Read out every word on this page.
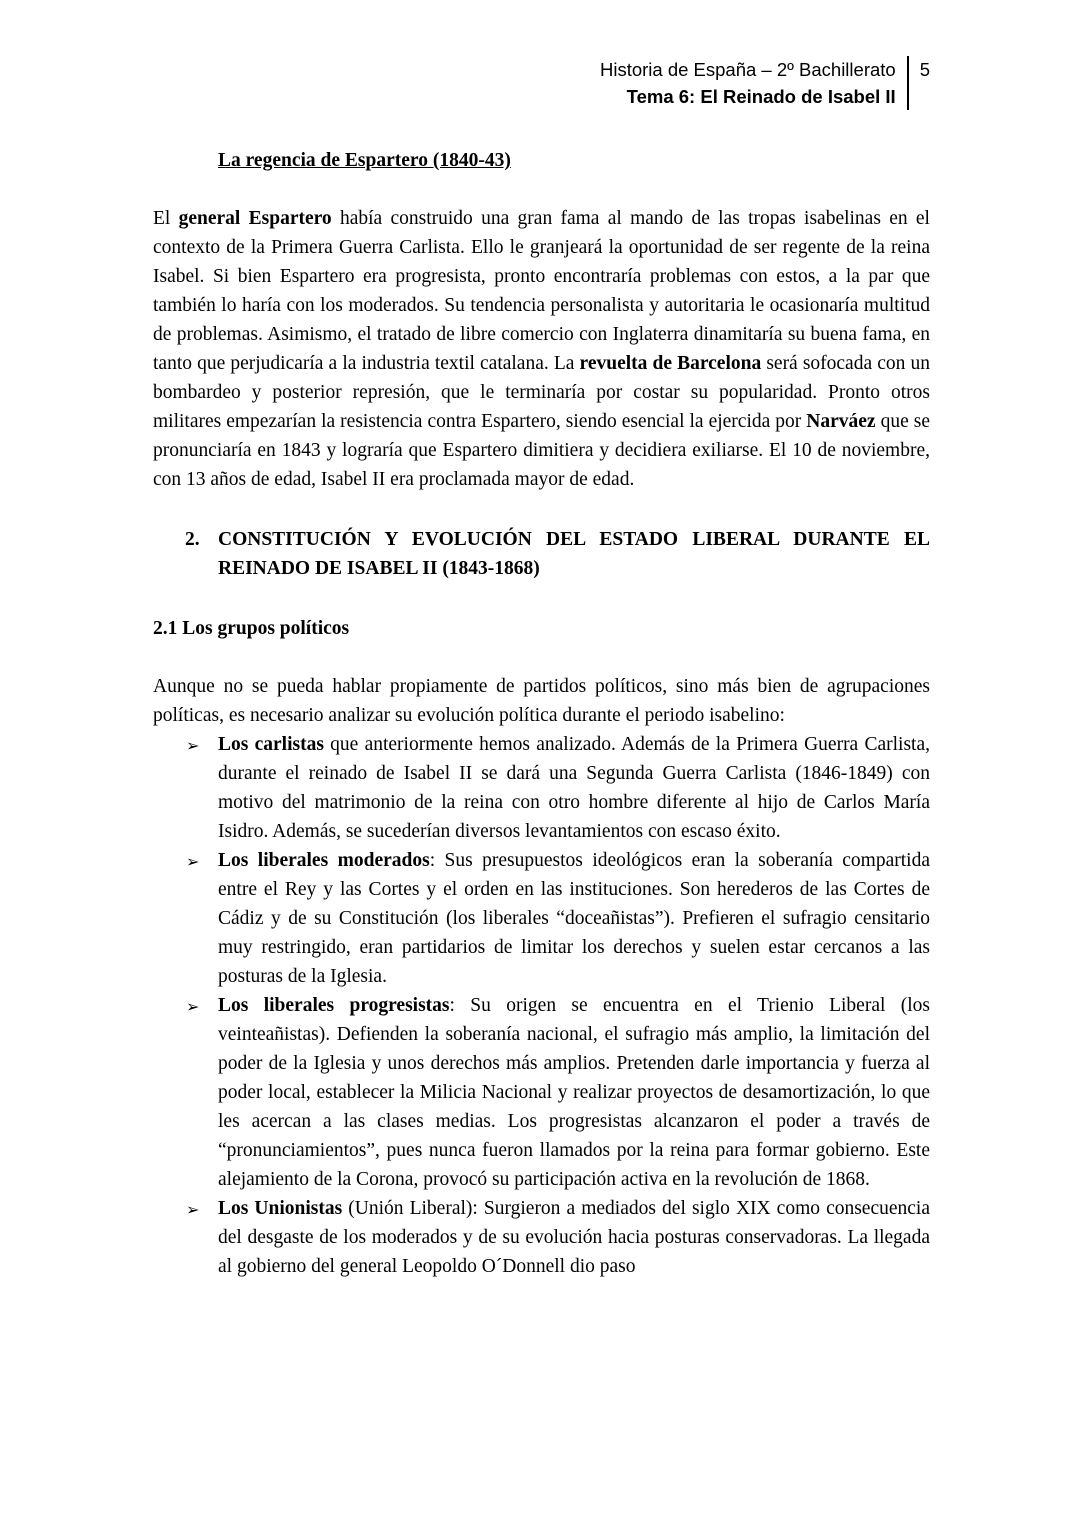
Historia de España – 2º Bachillerato
Tema 6: El Reinado de Isabel II
5
La regencia de Espartero (1840-43)

El general Espartero había construido una gran fama al mando de las tropas isabelinas en el contexto de la Primera Guerra Carlista. Ello le granjeará la oportunidad de ser regente de la reina Isabel. Si bien Espartero era progresista, pronto encontraría problemas con estos, a la par que también lo haría con los moderados. Su tendencia personalista y autoritaria le ocasionaría multitud de problemas. Asimismo, el tratado de libre comercio con Inglaterra dinamitaría su buena fama, en tanto que perjudicaría a la industria textil catalana. La revuelta de Barcelona será sofocada con un bombardeo y posterior represión, que le terminaría por costar su popularidad. Pronto otros militares empezarían la resistencia contra Espartero, siendo esencial la ejercida por Narváez que se pronunciaría en 1843 y lograría que Espartero dimitiera y decidiera exiliarse. El 10 de noviembre, con 13 años de edad, Isabel II era proclamada mayor de edad.

2. CONSTITUCIÓN Y EVOLUCIÓN DEL ESTADO LIBERAL DURANTE EL REINADO DE ISABEL II (1843-1868)
2.1 Los grupos políticos

Aunque no se pueda hablar propiamente de partidos políticos, sino más bien de agrupaciones políticas, es necesario analizar su evolución política durante el periodo isabelino:

➢ Los carlistas que anteriormente hemos analizado. Además de la Primera Guerra Carlista, durante el reinado de Isabel II se dará una Segunda Guerra Carlista (1846-1849) con motivo del matrimonio de la reina con otro hombre diferente al hijo de Carlos María Isidro. Además, se sucederían diversos levantamientos con escaso éxito.
➢ Los liberales moderados: Sus presupuestos ideológicos eran la soberanía compartida entre el Rey y las Cortes y el orden en las instituciones. Son herederos de las Cortes de Cádiz y de su Constitución (los liberales “doceañistas”). Prefieren el sufragio censitario muy restringido, eran partidarios de limitar los derechos y suelen estar cercanos a las posturas de la Iglesia.
➢ Los liberales progresistas: Su origen se encuentra en el Trienio Liberal (los veinteañistas). Defienden la soberanía nacional, el sufragio más amplio, la limitación del poder de la Iglesia y unos derechos más amplios. Pretenden darle importancia y fuerza al poder local, establecer la Milicia Nacional y realizar proyectos de desamortización, lo que les acercan a las clases medias. Los progresistas alcanzaron el poder a través de “pronunciamientos”, pues nunca fueron llamados por la reina para formar gobierno. Este alejamiento de la Corona, provocó su participación activa en la revolución de 1868.
➢ Los Unionistas (Unión Liberal): Surgieron a mediados del siglo XIX como consecuencia del desgaste de los moderados y de su evolución hacia posturas conservadoras. La llegada al gobierno del general Leopoldo O´Donnell dio paso
